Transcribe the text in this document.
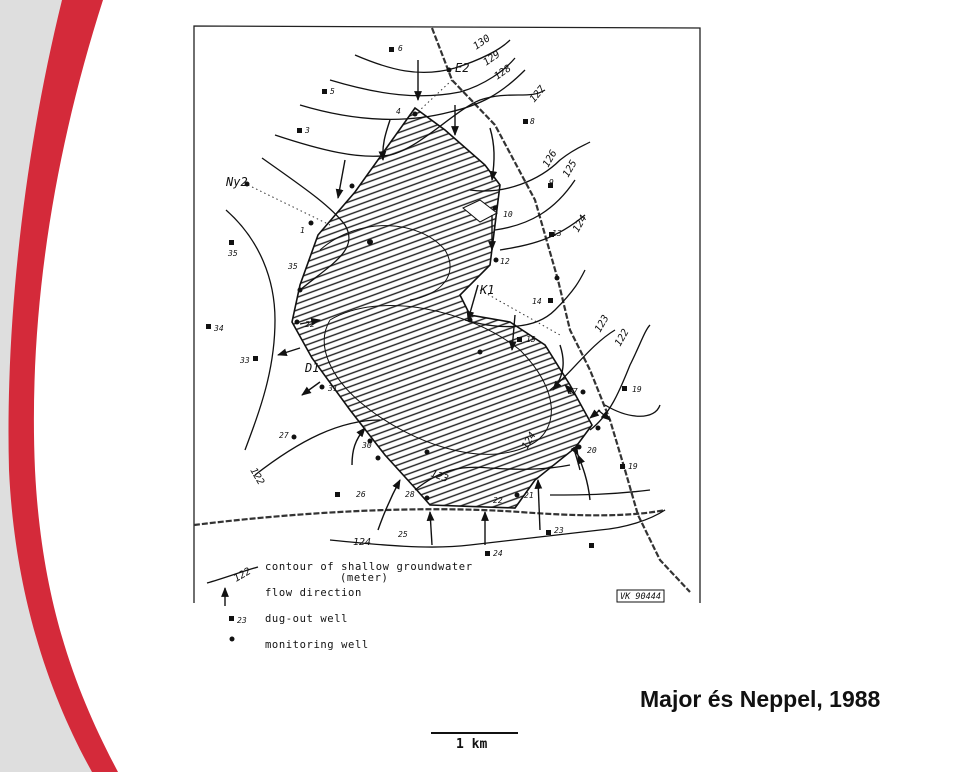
130
129
128
127
126 125
124
123
122
122
124
123
124
E2
Ny2
K1
D1
6
5
4
3
8
9
10
1	13
35
12
35
14
22
34
15
33
31	17	19
27
30
20
19
26	28
22
21
25	23
24
VK 90444
122 contour of shallow groundwater
(meter)
flow direction
23 dug-out well
monitoring well
1 km
Major és Neppel, 1988
